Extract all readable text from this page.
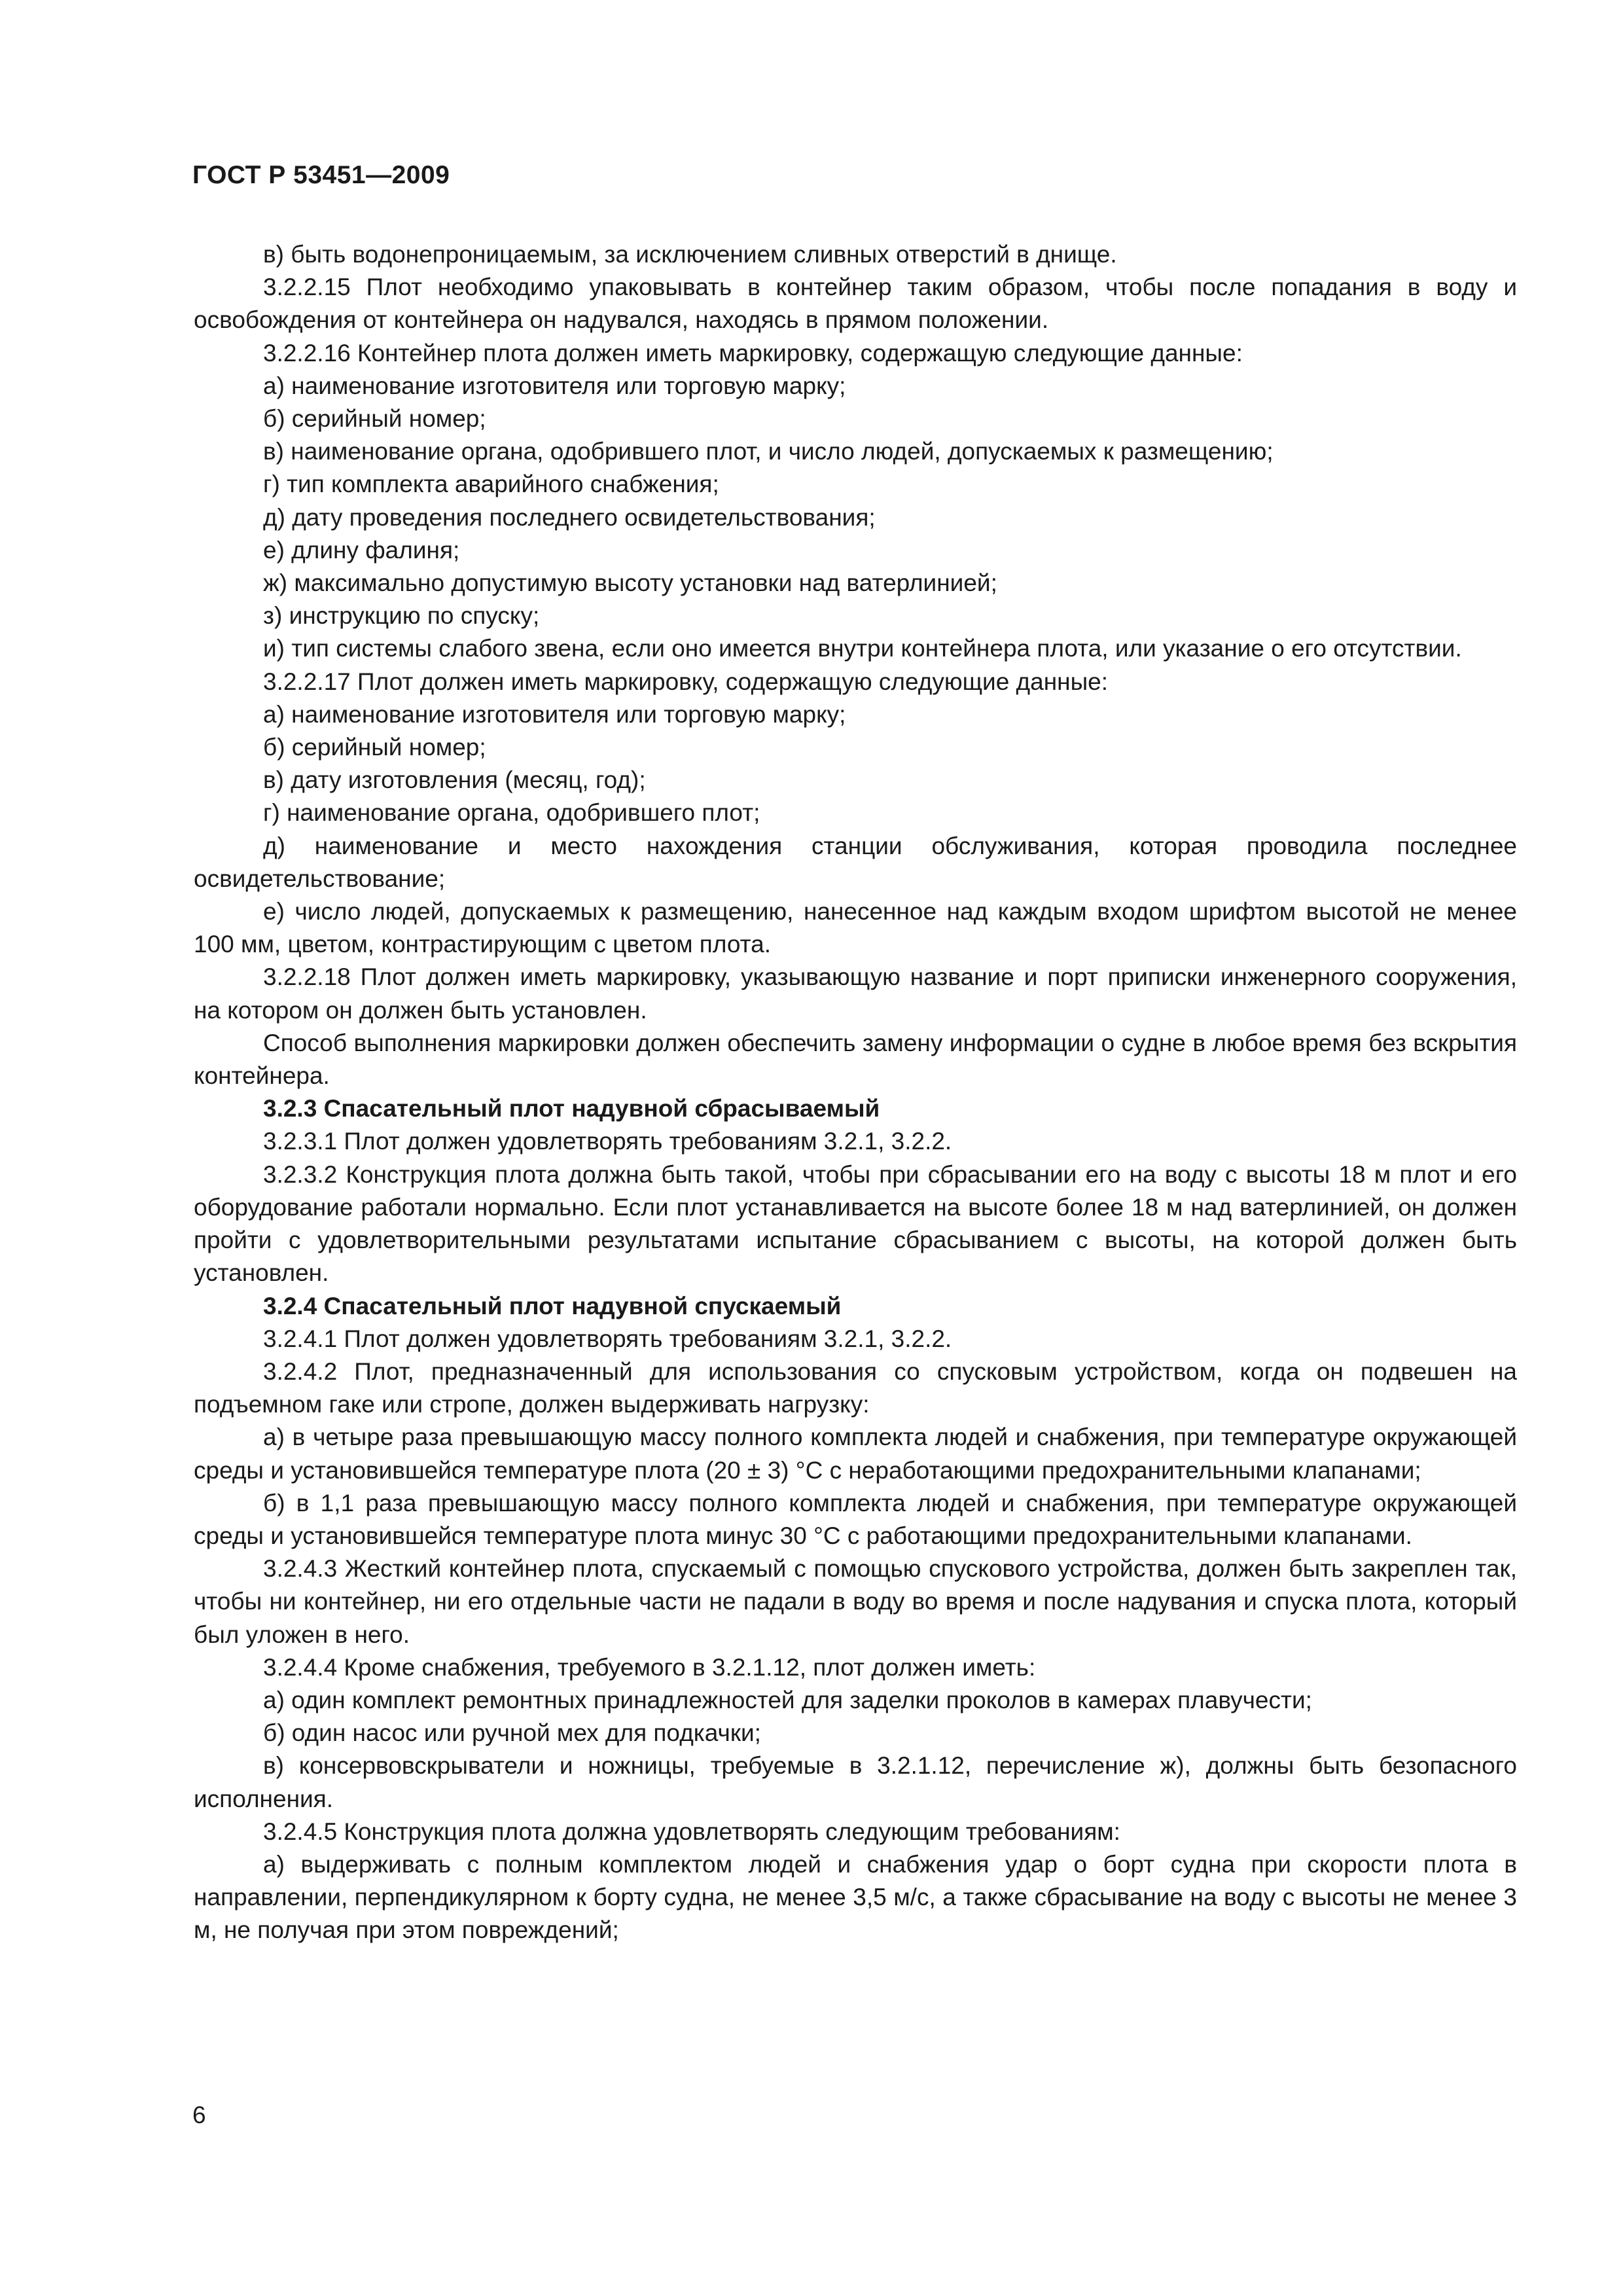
ГОСТ Р 53451—2009

в) быть водонепроницаемым, за исключением сливных отверстий в днище.

3.2.2.15 Плот необходимо упаковывать в контейнер таким образом, чтобы после попадания в воду и освобождения от контейнера он надувался, находясь в прямом положении.

3.2.2.16 Контейнер плота должен иметь маркировку, содержащую следующие данные:

а) наименование изготовителя или торговую марку;

б) серийный номер;

в) наименование органа, одобрившего плот, и число людей, допускаемых к размещению;

г) тип комплекта аварийного снабжения;

д) дату проведения последнего освидетельствования;

е) длину фалиня;

ж) максимально допустимую высоту установки над ватерлинией;

з) инструкцию по спуску;

и) тип системы слабого звена, если оно имеется внутри контейнера плота, или указание о его отсутствии.

3.2.2.17 Плот должен иметь маркировку, содержащую следующие данные:

а) наименование изготовителя или торговую марку;

б) серийный номер;

в) дату изготовления (месяц, год);

г) наименование органа, одобрившего плот;

д) наименование и место нахождения станции обслуживания, которая проводила последнее освидетельствование;

е) число людей, допускаемых к размещению, нанесенное над каждым входом шрифтом высотой не менее 100 мм, цветом, контрастирующим с цветом плота.

3.2.2.18 Плот должен иметь маркировку, указывающую название и порт приписки инженерного сооружения, на котором он должен быть установлен.

Способ выполнения маркировки должен обеспечить замену информации о судне в любое время без вскрытия контейнера.

3.2.3 Спасательный плот надувной сбрасываемый

3.2.3.1 Плот должен удовлетворять требованиям 3.2.1, 3.2.2.

3.2.3.2 Конструкция плота должна быть такой, чтобы при сбрасывании его на воду с высоты 18 м плот и его оборудование работали нормально. Если плот устанавливается на высоте более 18 м над ватерлинией, он должен пройти с удовлетворительными результатами испытание сбрасыванием с высоты, на которой должен быть установлен.

3.2.4 Спасательный плот надувной спускаемый

3.2.4.1 Плот должен удовлетворять требованиям 3.2.1, 3.2.2.

3.2.4.2 Плот, предназначенный для использования со спусковым устройством, когда он подвешен на подъемном гаке или стропе, должен выдерживать нагрузку:

а) в четыре раза превышающую массу полного комплекта людей и снабжения, при температуре окружающей среды и установившейся температуре плота (20 ± 3) °С с неработающими предохранительными клапанами;

б) в 1,1 раза превышающую массу полного комплекта людей и снабжения, при температуре окружающей среды и установившейся температуре плота минус 30 °С с работающими предохранительными клапанами.

3.2.4.3 Жесткий контейнер плота, спускаемый с помощью спускового устройства, должен быть закреплен так, чтобы ни контейнер, ни его отдельные части не падали в воду во время и после надувания и спуска плота, который был уложен в него.

3.2.4.4 Кроме снабжения, требуемого в 3.2.1.12, плот должен иметь:

а) один комплект ремонтных принадлежностей для заделки проколов в камерах плавучести;

б) один насос или ручной мех для подкачки;

в) консервовскрыватели и ножницы, требуемые в 3.2.1.12, перечисление ж), должны быть безопасного исполнения.

3.2.4.5 Конструкция плота должна удовлетворять следующим требованиям:

а) выдерживать с полным комплектом людей и снабжения удар о борт судна при скорости плота в направлении, перпендикулярном к борту судна, не менее 3,5 м/с, а также сбрасывание на воду с высоты не менее 3 м, не получая при этом повреждений;

6
